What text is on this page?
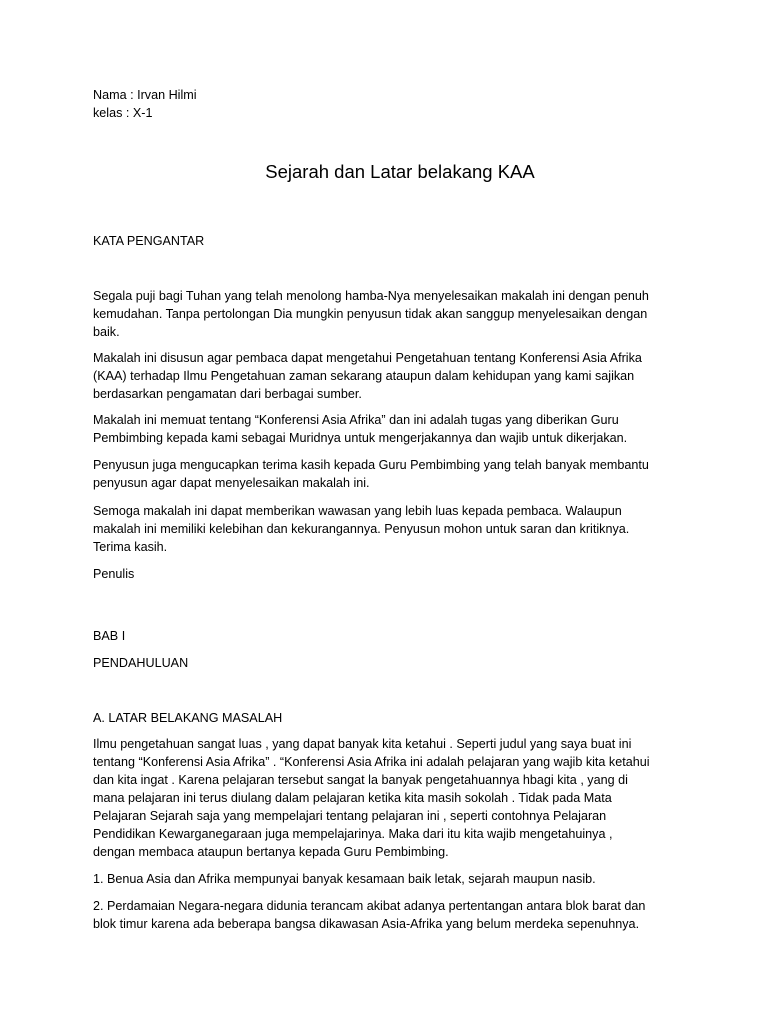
Nama : Irvan Hilmi
kelas : X-1
Sejarah dan Latar belakang KAA
KATA PENGANTAR
Segala puji bagi Tuhan yang telah menolong hamba-Nya menyelesaikan makalah ini dengan penuh
kemudahan. Tanpa pertolongan Dia mungkin penyusun tidak akan sanggup menyelesaikan dengan
baik.
Makalah ini disusun agar pembaca dapat mengetahui Pengetahuan tentang Konferensi Asia Afrika
(KAA) terhadap Ilmu Pengetahuan zaman sekarang ataupun dalam kehidupan yang kami sajikan
berdasarkan pengamatan dari berbagai sumber.
Makalah ini memuat tentang “Konferensi Asia Afrika” dan ini adalah tugas yang diberikan Guru
Pembimbing kepada kami sebagai Muridnya untuk mengerjakannya dan wajib untuk dikerjakan.
Penyusun juga mengucapkan terima kasih kepada Guru Pembimbing yang telah banyak membantu
penyusun agar dapat menyelesaikan makalah ini.
Semoga makalah ini dapat memberikan wawasan yang lebih luas kepada pembaca. Walaupun
makalah ini memiliki kelebihan dan kekurangannya. Penyusun mohon untuk saran dan kritiknya.
Terima kasih.
Penulis
BAB I
PENDAHULUAN
A. LATAR BELAKANG MASALAH
Ilmu pengetahuan sangat luas , yang dapat banyak kita ketahui . Seperti judul yang saya buat ini
tentang “Konferensi Asia Afrika” . “Konferensi Asia Afrika ini adalah pelajaran yang wajib kita ketahui
dan kita ingat . Karena pelajaran tersebut sangat la banyak pengetahuannya hbagi kita , yang di
mana pelajaran ini terus diulang dalam pelajaran ketika kita masih sokolah . Tidak pada Mata
Pelajaran Sejarah saja yang mempelajari tentang pelajaran ini , seperti contohnya Pelajaran
Pendidikan Kewarganegaraan juga mempelajarinya. Maka dari itu kita wajib mengetahuinya ,
dengan membaca ataupun bertanya kepada Guru Pembimbing.
1. Benua Asia dan Afrika mempunyai banyak kesamaan baik letak, sejarah maupun nasib.
2. Perdamaian Negara-negara didunia terancam akibat adanya pertentangan antara blok barat dan
blok timur karena ada beberapa bangsa dikawasan Asia-Afrika yang belum merdeka sepenuhnya.
